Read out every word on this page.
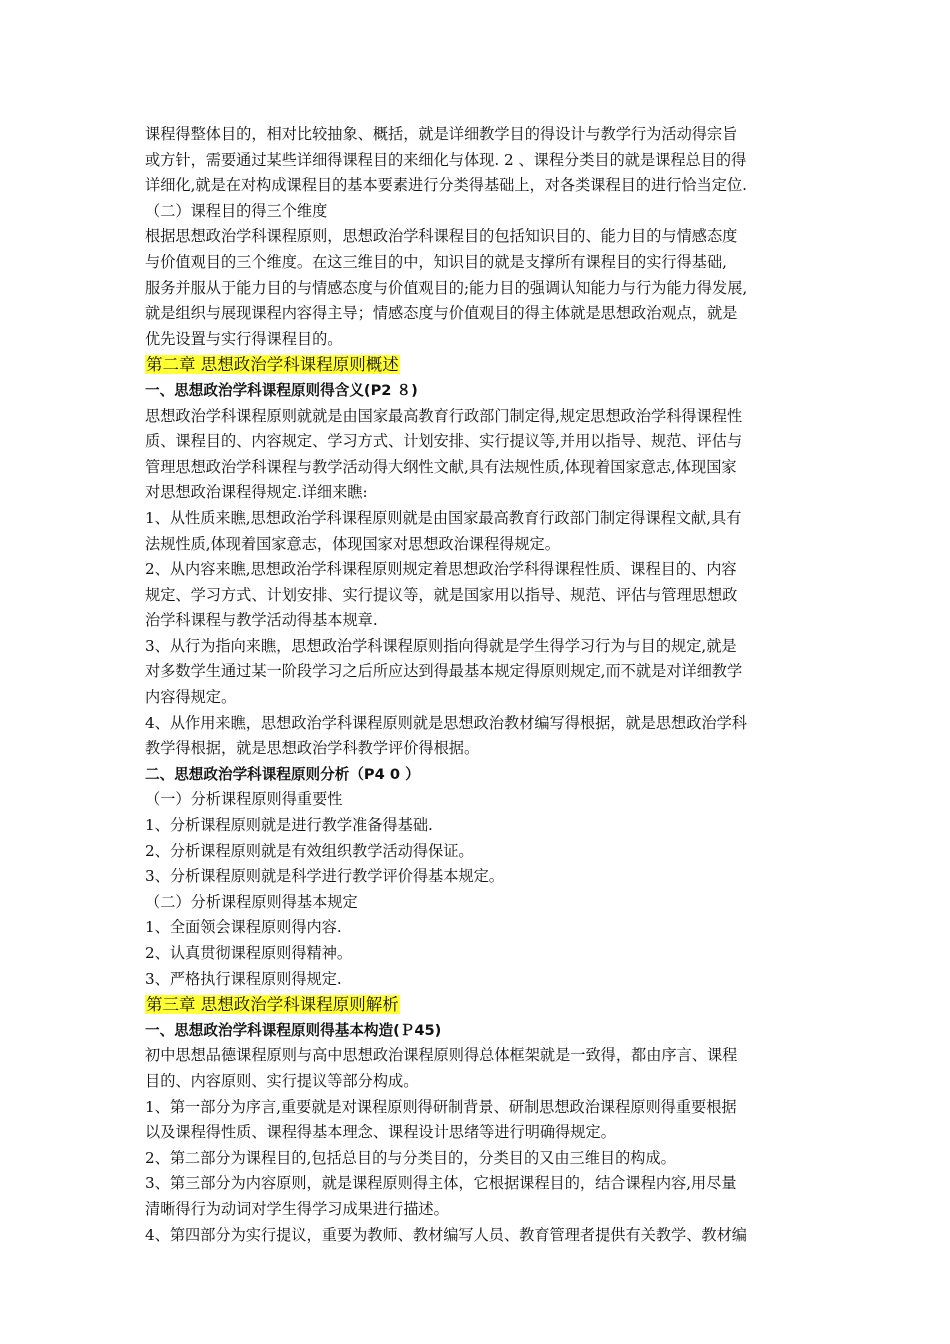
课程得整体目的，相对比较抽象、概括，就是详细教学目的得设计与教学行为活动得宗旨
或方针，需要通过某些详细得课程目的来细化与体现. 2 、课程分类目的就是课程总目的得
详细化,就是在对构成课程目的基本要素进行分类得基础上，对各类课程目的进行恰当定位.
（二）课程目的得三个维度
根据思想政治学科课程原则，思想政治学科课程目的包括知识目的、能力目的与情感态度
与价值观目的三个维度。在这三维目的中，知识目的就是支撑所有课程目的实行得基础,
服务并服从于能力目的与情感态度与价值观目的;能力目的强调认知能力与行为能力得发展,
就是组织与展现课程内容得主导；情感态度与价值观目的得主体就是思想政治观点，就是
优先设置与实行得课程目的。
第二章 思想政治学科课程原则概述
一、思想政治学科课程原则得含义(P2 ８)
思想政治学科课程原则就就是由国家最高教育行政部门制定得,规定思想政治学科得课程性
质、课程目的、内容规定、学习方式、计划安排、实行提议等,并用以指导、规范、评估与
管理思想政治学科课程与教学活动得大纲性文献,具有法规性质,体现着国家意志,体现国家
对思想政治课程得规定.详细来瞧:
1、从性质来瞧,思想政治学科课程原则就是由国家最高教育行政部门制定得课程文献,具有
法规性质,体现着国家意志，体现国家对思想政治课程得规定。
2、从内容来瞧,思想政治学科课程原则规定着思想政治学科得课程性质、课程目的、内容
规定、学习方式、计划安排、实行提议等，就是国家用以指导、规范、评估与管理思想政
治学科课程与教学活动得基本规章.
3、从行为指向来瞧，思想政治学科课程原则指向得就是学生得学习行为与目的规定,就是
对多数学生通过某一阶段学习之后所应达到得最基本规定得原则规定,而不就是对详细教学
内容得规定。
4、从作用来瞧，思想政治学科课程原则就是思想政治教材编写得根据，就是思想政治学科
教学得根据，就是思想政治学科教学评价得根据。
二、思想政治学科课程原则分析（P4 0 ）
（一）分析课程原则得重要性
1、分析课程原则就是进行教学准备得基础.
2、分析课程原则就是有效组织教学活动得保证。
3、分析课程原则就是科学进行教学评价得基本规定。
（二）分析课程原则得基本规定
1、全面领会课程原则得内容.
2、认真贯彻课程原则得精神。
3、严格执行课程原则得规定.
第三章 思想政治学科课程原则解析
一、思想政治学科课程原则得基本构造(Ｐ45)
初中思想品德课程原则与高中思想政治课程原则得总体框架就是一致得，都由序言、课程
目的、内容原则、实行提议等部分构成。
1、第一部分为序言,重要就是对课程原则得研制背景、研制思想政治课程原则得重要根据
以及课程得性质、课程得基本理念、课程设计思绪等进行明确得规定。
2、第二部分为课程目的,包括总目的与分类目的，分类目的又由三维目的构成。
3、第三部分为内容原则，就是课程原则得主体，它根据课程目的，结合课程内容,用尽量
清晰得行为动词对学生得学习成果进行描述。
4、第四部分为实行提议，重要为教师、教材编写人员、教育管理者提供有关教学、教材编
